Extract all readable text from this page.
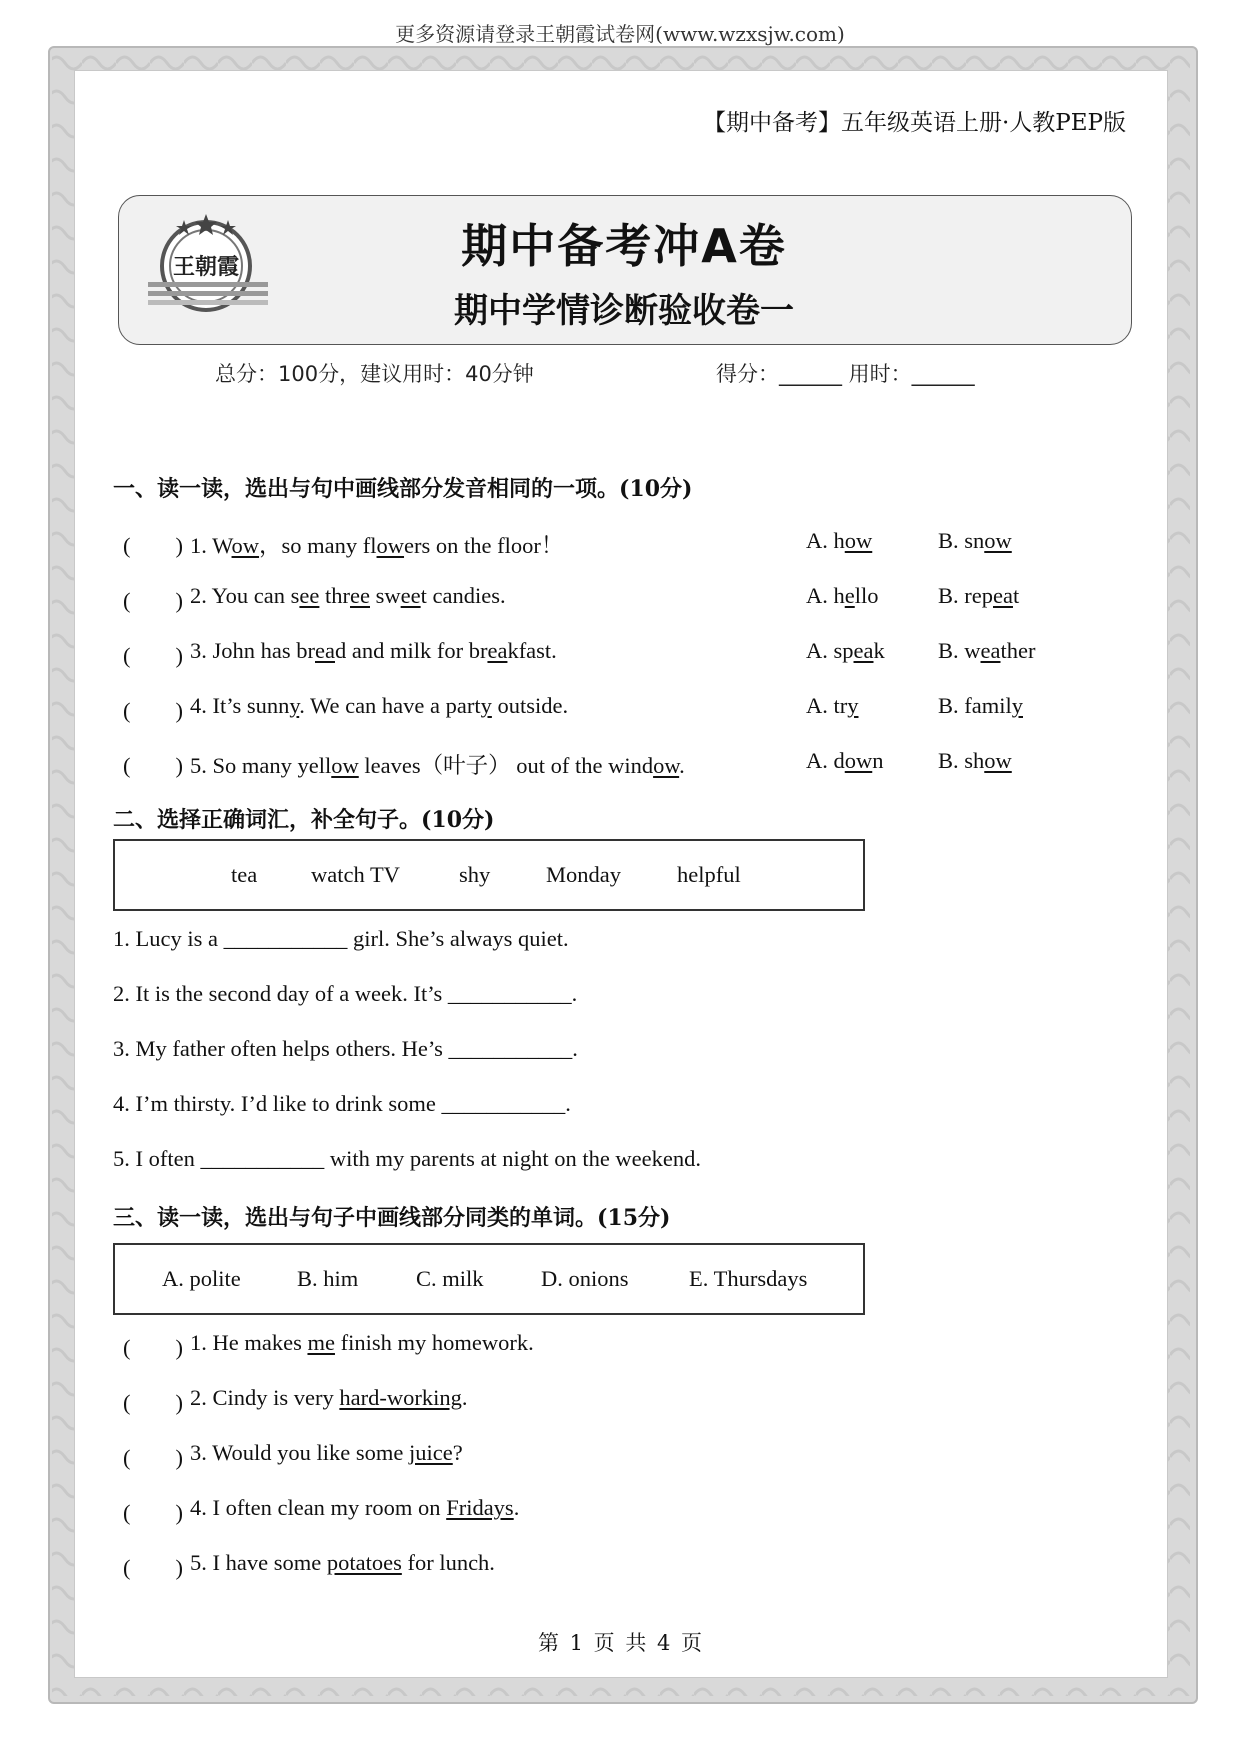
更多资源请登录王朝霞试卷网(www.wzxsjw.com)
【期中备考】五年级英语上册·人教PEP版
王朝霞	期中备考冲A卷
期中学情诊断验收卷一
总分：100分，建议用时：40分钟	得分：______ 用时：______
一、读一读，选出与句中画线部分发音相同的一项。(10分)
(　　) 1. Wow，so many flowers on the floor！	A. how	B. snow
(　　) 2. You can see three sweet candies.	A. hello	B. repeat
(　　) 3. John has bread and milk for breakfast.	A. speak B. weather
(　　) 4. It’s sunny. We can have a party outside.	A. try	B. family
(　　) 5. So many yellow leaves（叶子） out of the window.	A. down B. show
二、选择正确词汇，补全句子。(10分)
tea watch TV	shy Monday helpful
1. Lucy is a ___________ girl. She’s always quiet.
2. It is the second day of a week. It’s ___________.
3. My father often helps others. He’s ___________.
4. I’m thirsty. I’d like to drink some ___________.
5. I often ___________ with my parents at night on the weekend.
三、读一读，选出与句子中画线部分同类的单词。(15分)
A. polite	B. him	C. milk	D. onions	E. Thursdays
(　　) 1. He makes me finish my homework.
(　　) 2. Cindy is very hard-working.
(　　) 3. Would you like some juice?
(　　) 4. I often clean my room on Fridays.
(　　) 5. I have some potatoes for lunch.
第 1 页 共 4 页
